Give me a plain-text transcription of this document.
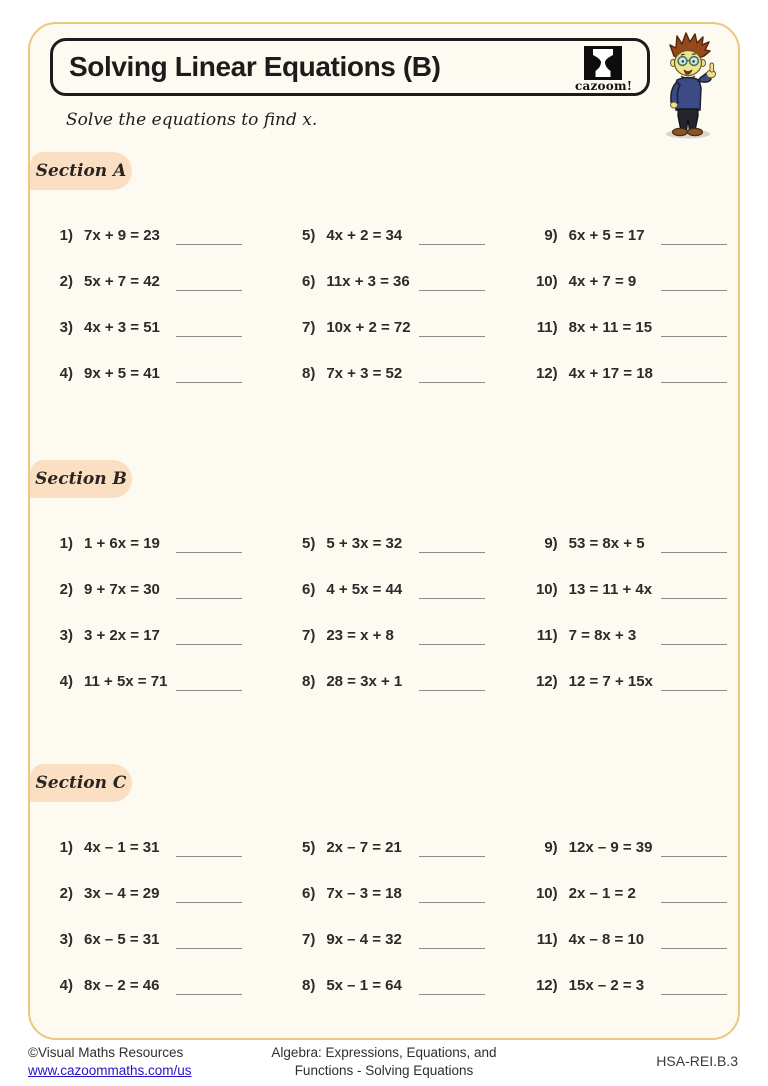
Solving Linear Equations (B)
cazoom!
Solve the equations to find x.
Section A
1) 7x + 9 = 23
2) 5x + 7 = 42
3) 4x + 3 = 51
4) 9x + 5 = 41
5) 4x + 2 = 34
6) 11x + 3 = 36
7) 10x + 2 = 72
8) 7x + 3 = 52
9) 6x + 5 = 17
10) 4x + 7 = 9
11) 8x + 11 = 15
12) 4x + 17 = 18
Section B
1) 1 + 6x = 19
2) 9 + 7x = 30
3) 3 + 2x = 17
4) 11 + 5x = 71
5) 5 + 3x = 32
6) 4 + 5x = 44
7) 23 = x + 8
8) 28 = 3x + 1
9) 53 = 8x + 5
10) 13 = 11 + 4x
11) 7 = 8x + 3
12) 12 = 7 + 15x
Section C
1) 4x – 1 = 31
2) 3x – 4 = 29
3) 6x – 5 = 31
4) 8x – 2 = 46
5) 2x – 7 = 21
6) 7x – 3 = 18
7) 9x – 4 = 32
8) 5x – 1 = 64
9) 12x – 9 = 39
10) 2x – 1 = 2
11) 4x – 8 = 10
12) 15x – 2 = 3
©Visual Maths Resources
www.cazoommaths.com/us
Algebra: Expressions, Equations, and
Functions - Solving Equations
HSA-REI.B.3
